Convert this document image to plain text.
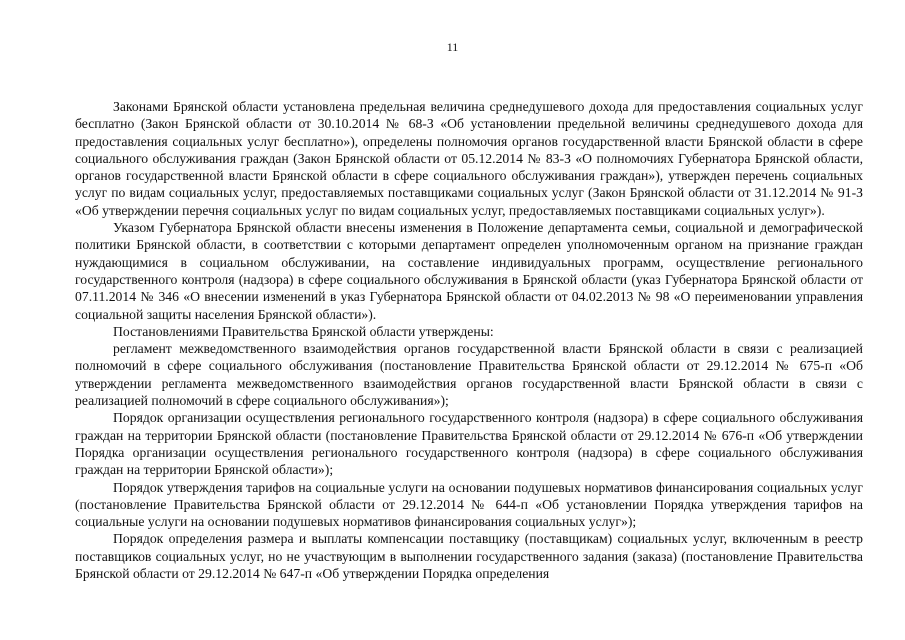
11

Законами Брянской области установлена предельная величина среднедушевого дохода для предоставления социальных услуг бесплатно (Закон Брянской области от 30.10.2014 № 68-З «Об установлении предельной величины среднедушевого дохода для предоставления социальных услуг бесплатно»), определены полномочия органов государственной власти Брянской области в сфере социального обслуживания граждан (Закон Брянской области от 05.12.2014 № 83-З «О полномочиях Губернатора Брянской области, органов государственной власти Брянской области в сфере социального обслуживания граждан»), утвержден перечень социальных услуг по видам социальных услуг, предоставляемых поставщиками социальных услуг (Закон Брянской области от 31.12.2014 № 91-З «Об утверждении перечня социальных услуг по видам социальных услуг, предоставляемых поставщиками социальных услуг»).

Указом Губернатора Брянской области внесены изменения в Положение департамента семьи, социальной и демографической политики Брянской области, в соответствии с которыми департамент определен уполномоченным органом на признание граждан нуждающимися в социальном обслуживании, на составление индивидуальных программ, осуществление регионального государственного контроля (надзора) в сфере социального обслуживания в Брянской области (указ Губернатора Брянской области от 07.11.2014 № 346 «О внесении изменений в указ Губернатора Брянской области от 04.02.2013 № 98 «О переименовании управления социальной защиты населения Брянской области»).

Постановлениями Правительства Брянской области утверждены:

регламент межведомственного взаимодействия органов государственной власти Брянской области в связи с реализацией полномочий в сфере социального обслуживания (постановление Правительства Брянской области от 29.12.2014 № 675-п «Об утверждении регламента межведомственного взаимодействия органов государственной власти Брянской области в связи с реализацией полномочий в сфере социального обслуживания»);

Порядок организации осуществления регионального государственного контроля (надзора) в сфере социального обслуживания граждан на территории Брянской области (постановление Правительства Брянской области от 29.12.2014 № 676-п «Об утверждении Порядка организации осуществления регионального государственного контроля (надзора) в сфере социального обслуживания граждан на территории Брянской области»);

Порядок утверждения тарифов на социальные услуги на основании подушевых нормативов финансирования социальных услуг (постановление Правительства Брянской области от 29.12.2014 № 644-п «Об установлении Порядка утверждения тарифов на социальные услуги на основании подушевых нормативов финансирования социальных услуг»);

Порядок определения размера и выплаты компенсации поставщику (поставщикам) социальных услуг, включенным в реестр поставщиков социальных услуг, но не участвующим в выполнении государственного задания (заказа) (постановление Правительства Брянской области от 29.12.2014 № 647-п «Об утверждении Порядка определения
